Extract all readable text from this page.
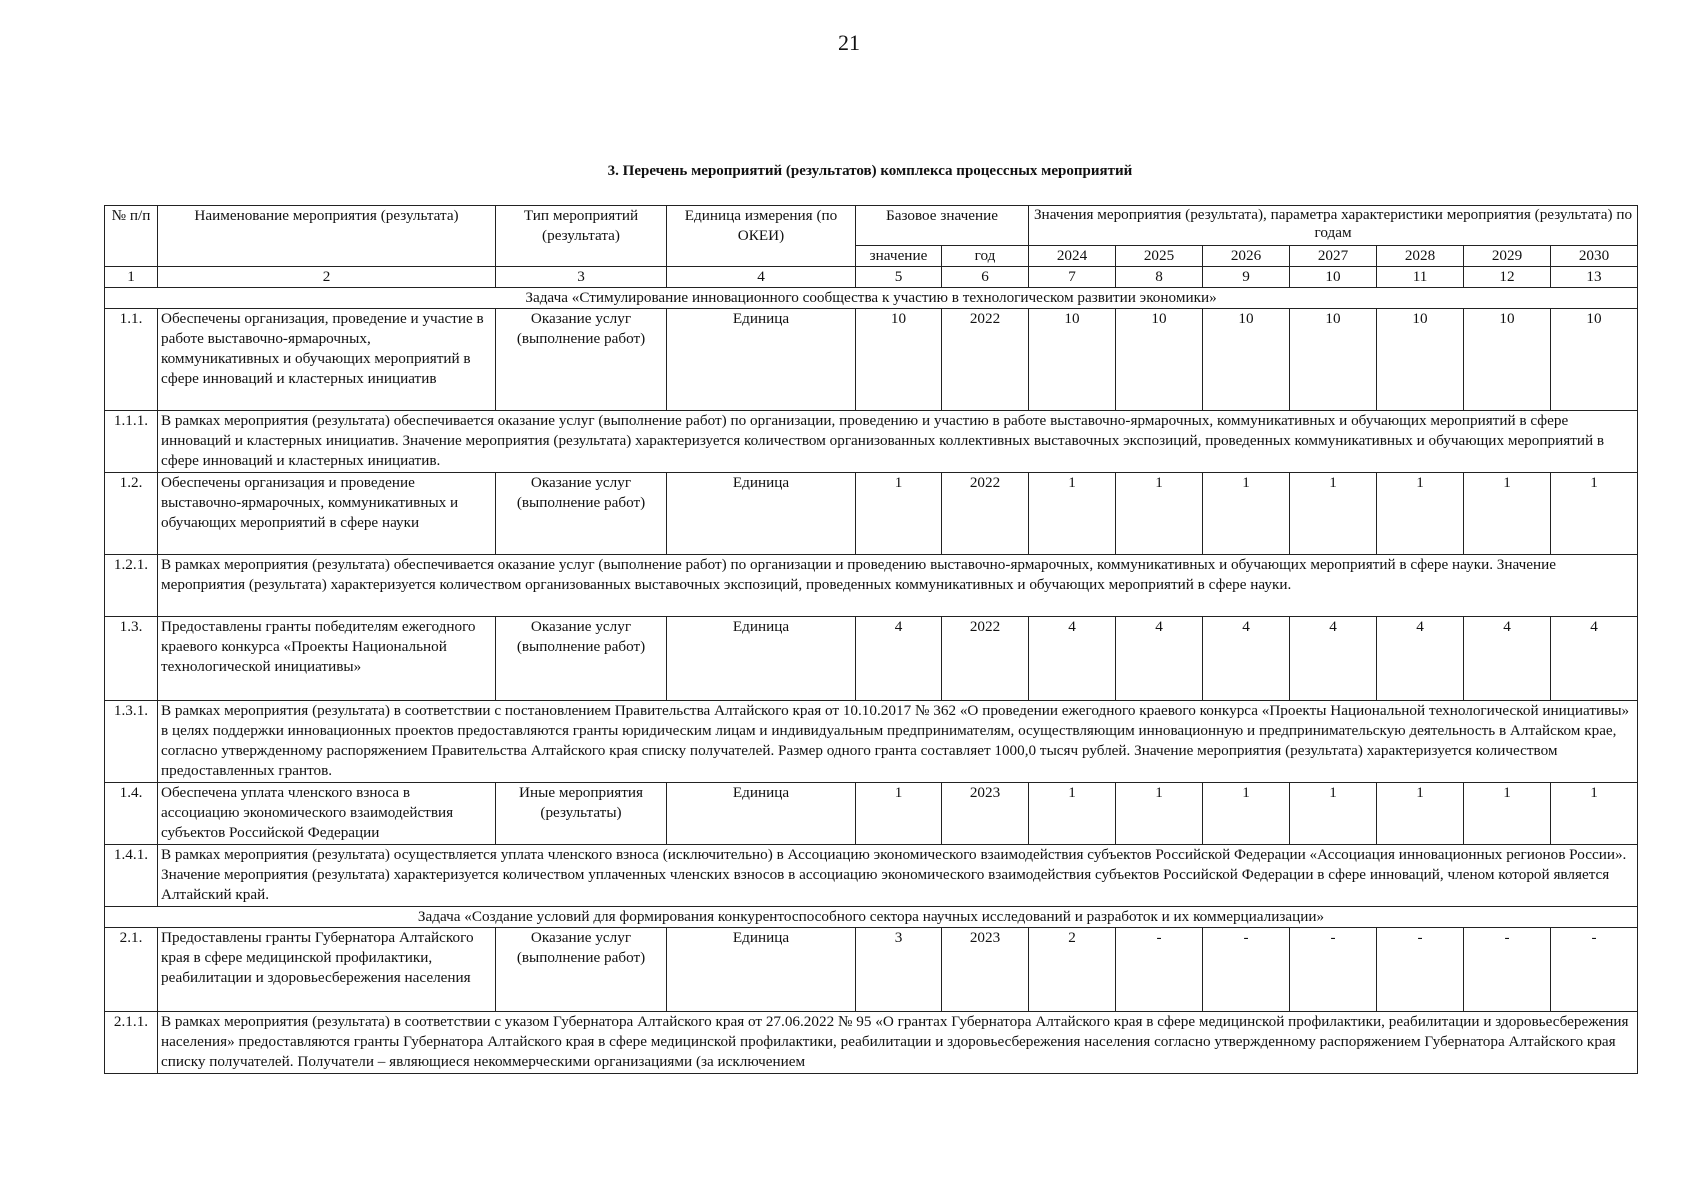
21
3. Перечень мероприятий (результатов) комплекса процессных мероприятий
№ п/п	Наименование мероприятия (результата)	Тип мероприятий (результата)	Единица измерения (по ОКЕИ)	Базовое значение		Значения мероприятия (результата), параметра характеристики мероприятия (результата) по годам						
				значение	год	2024	2025	2026	2027	2028	2029	2030
1	2	3	4	5	6	7	8	9	10	11	12	13
Задача «Стимулирование инновационного сообщества к участию в технологическом развитии экономики»												
1.1.	Обеспечены организация, проведение и участие в работе выставочно-ярмарочных, коммуникативных и обучающих мероприятий в сфере инноваций и кластерных инициатив	Оказание услуг (выполнение работ)	Единица	10	2022	10	10	10	10	10	10	10
1.1.1.	В рамках мероприятия (результата) обеспечивается оказание услуг (выполнение работ) по организации, проведению и участию в работе выставочно-ярмарочных, коммуникативных и обучающих мероприятий в сфере инноваций и кластерных инициатив. Значение мероприятия (результата) характеризуется количеством организованных коллективных выставочных экспозиций, проведенных коммуникативных и обучающих мероприятий в сфере инноваций и кластерных инициатив.											
1.2.	Обеспечены организация и проведение выставочно-ярмарочных, коммуникативных и обучающих мероприятий в сфере науки	Оказание услуг (выполнение работ)	Единица	1	2022	1	1	1	1	1	1	1
1.2.1.	В рамках мероприятия (результата) обеспечивается оказание услуг (выполнение работ) по организации и проведению выставочно-ярмарочных, коммуникативных и обучающих мероприятий в сфере науки. Значение мероприятия (результата) характеризуется количеством организованных выставочных экспозиций, проведенных коммуникативных и обучающих мероприятий в сфере науки.											
1.3.	Предоставлены гранты победителям ежегодного краевого конкурса «Проекты Национальной технологической инициативы»	Оказание услуг (выполнение работ)	Единица	4	2022	4	4	4	4	4	4	4
1.3.1.	В рамках мероприятия (результата) в соответствии с постановлением Правительства Алтайского края от 10.10.2017 № 362 «О проведении ежегодного краевого конкурса «Проекты Национальной технологической инициативы» в целях поддержки инновационных проектов предоставляются гранты юридическим лицам и индивидуальным предпринимателям, осуществляющим инновационную и предпринимательскую деятельность в Алтайском крае, согласно утвержденному распоряжением Правительства Алтайского края списку получателей. Размер одного гранта составляет 1000,0 тысяч рублей. Значение мероприятия (результата) характеризуется количеством предоставленных грантов.											
1.4.	Обеспечена уплата членского взноса в ассоциацию экономического взаимодействия субъектов Российской Федерации	Иные мероприятия (результаты)	Единица	1	2023	1	1	1	1	1	1	1
1.4.1.	В рамках мероприятия (результата) осуществляется уплата членского взноса (исключительно) в Ассоциацию экономического взаимодействия субъектов Российской Федерации «Ассоциация инновационных регионов России». Значение мероприятия (результата) характеризуется количеством уплаченных членских взносов в ассоциацию экономического взаимодействия субъектов Российской Федерации в сфере инноваций, членом которой является Алтайский край.											
Задача «Создание условий для формирования конкурентоспособного сектора научных исследований и разработок и их коммерциализации»												
2.1.	Предоставлены гранты Губернатора Алтайского края в сфере медицинской профилактики, реабилитации и здоровьесбережения населения	Оказание услуг (выполнение работ)	Единица	3	2023	2	-	-	-	-	-	-
2.1.1.	В рамках мероприятия (результата) в соответствии с указом Губернатора Алтайского края от 27.06.2022 № 95 «О грантах Губернатора Алтайского края в сфере медицинской профилактики, реабилитации и здоровьесбережения населения» предоставляются гранты Губернатора Алтайского края в сфере медицинской профилактики, реабилитации и здоровьесбережения населения согласно утвержденному распоряжением Губернатора Алтайского края списку получателей. Получатели – являющиеся некоммерческими организациями (за исключением											
